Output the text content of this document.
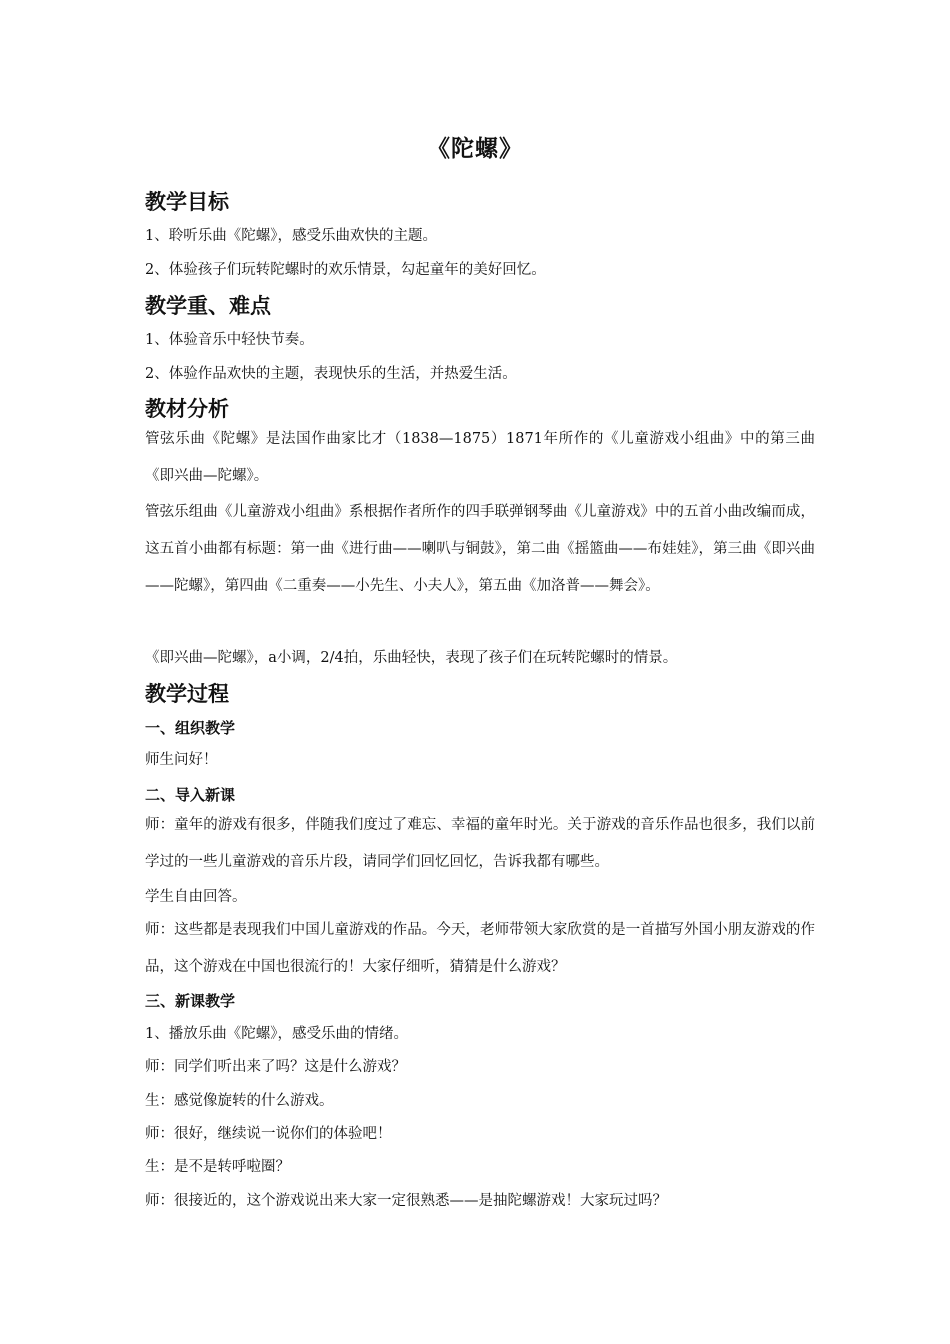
《陀螺》
教学目标
1、聆听乐曲《陀螺》，感受乐曲欢快的主题。
2、体验孩子们玩转陀螺时的欢乐情景，勾起童年的美好回忆。
教学重、难点
1、体验音乐中轻快节奏。
2、体验作品欢快的主题，表现快乐的生活，并热爱生活。
教材分析
管弦乐曲《陀螺》是法国作曲家比才（1838—1875）1871年所作的《儿童游戏小组曲》中的第三曲《即兴曲—陀螺》。
管弦乐组曲《儿童游戏小组曲》系根据作者所作的四手联弹钢琴曲《儿童游戏》中的五首小曲改编而成，这五首小曲都有标题：第一曲《进行曲——喇叭与铜鼓》，第二曲《摇篮曲——布娃娃》，第三曲《即兴曲——陀螺》，第四曲《二重奏——小先生、小夫人》，第五曲《加洛普——舞会》。
《即兴曲—陀螺》，a小调，2/4拍，乐曲轻快，表现了孩子们在玩转陀螺时的情景。
教学过程
一、组织教学
师生问好！
二、导入新课
师：童年的游戏有很多，伴随我们度过了难忘、幸福的童年时光。关于游戏的音乐作品也很多，我们以前学过的一些儿童游戏的音乐片段，请同学们回忆回忆，告诉我都有哪些。
学生自由回答。
师：这些都是表现我们中国儿童游戏的作品。今天，老师带领大家欣赏的是一首描写外国小朋友游戏的作品，这个游戏在中国也很流行的！大家仔细听，猜猜是什么游戏？
三、新课教学
1、播放乐曲《陀螺》，感受乐曲的情绪。
师：同学们听出来了吗？这是什么游戏？
生：感觉像旋转的什么游戏。
师：很好，继续说一说你们的体验吧！
生：是不是转呼啦圈？
师：很接近的，这个游戏说出来大家一定很熟悉——是抽陀螺游戏！大家玩过吗？
